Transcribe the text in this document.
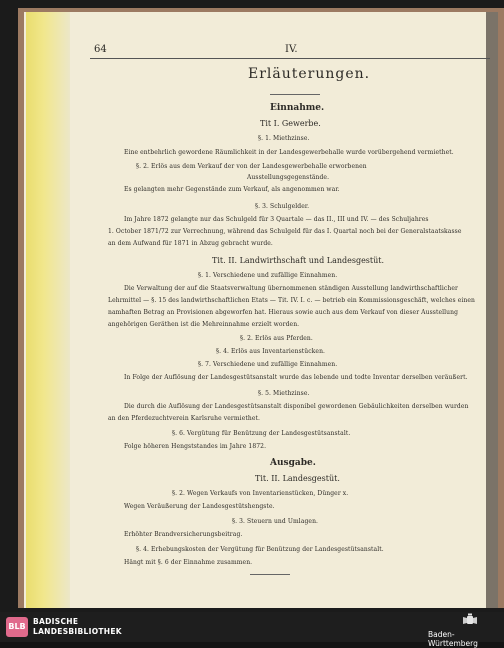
64	IV.
Erläuterungen.
Einnahme.
Tit I. Gewerbe.
§. 1. Miethzinse.
Eine entbehrlich gewordene Räumlichkeit in der Landesgewerbehalle wurde vorübergehend vermiethet.
§. 2. Erlös aus dem Verkauf der von der Landesgewerbehalle erworbenen
Ausstellungsgegenstände.
Es gelangten mehr Gegenstände zum Verkauf, als angenommen war.
§. 3. Schulgelder.
Im Jahre 1872 gelangte nur das Schulgeld für 3 Quartale — das II., III und IV. — des Schuljahres
1. October 1871/72 zur Verrechnung, während das Schulgeld für das I. Quartal noch bei der Generalstaatskasse
an dem Aufwand für 1871 in Abzug gebracht wurde.
Tit. II. Landwirthschaft und Landesgestüt.
§. 1. Verschiedene und zufällige Einnahmen.
Die Verwaltung der auf die Staatsverwaltung übernommenen ständigen Ausstellung landwirthschaftlicher
Lehrmittel — §. 15 des landwirthschaftlichen Etats — Tit. IV. I. c. — betrieb ein Kommissionsgeschäft, welches einen
namhaften Betrag an Provisionen abgeworfen hat. Hieraus sowie auch aus dem Verkauf von dieser Ausstellung
angehörigen Geräthen ist die Mehreinnahme erzielt worden.
§. 2. Erlös aus Pferden.
§. 4. Erlös aus Inventarienstücken.
§. 7. Verschiedene und zufällige Einnahmen.
In Folge der Auflösung der Landesgestütsanstalt wurde das lebende und todte Inventar derselben veräußert.
§. 5. Miethzinse.
Die durch die Auflösung der Landesgestütsanstalt disponibel gewordenen Gebäulichkeiten derselben wurden
an den Pferdezuchtverein Karlsruhe vermiethet.
§. 6. Vergütung für Benützung der Landesgestütsanstalt.
Folge höheren Hengststandes im Jahre 1872.
Ausgabe.
Tit. II. Landesgestüt.
§. 2. Wegen Verkaufs von Inventarienstücken, Dünger x.
Wegen Veräußerung der Landesgestütshengste.
§. 3. Steuern und Umlagen.
Erhöhter Brandversicherungsbeitrag.
§. 4. Erhebungskosten der Vergütung für Benützung der Landesgestütsanstalt.
Hängt mit §. 6 der Einnahme zusammen.
BLB
BADISCHE
LANDESBIBLIOTHEK	Baden-Württemberg
